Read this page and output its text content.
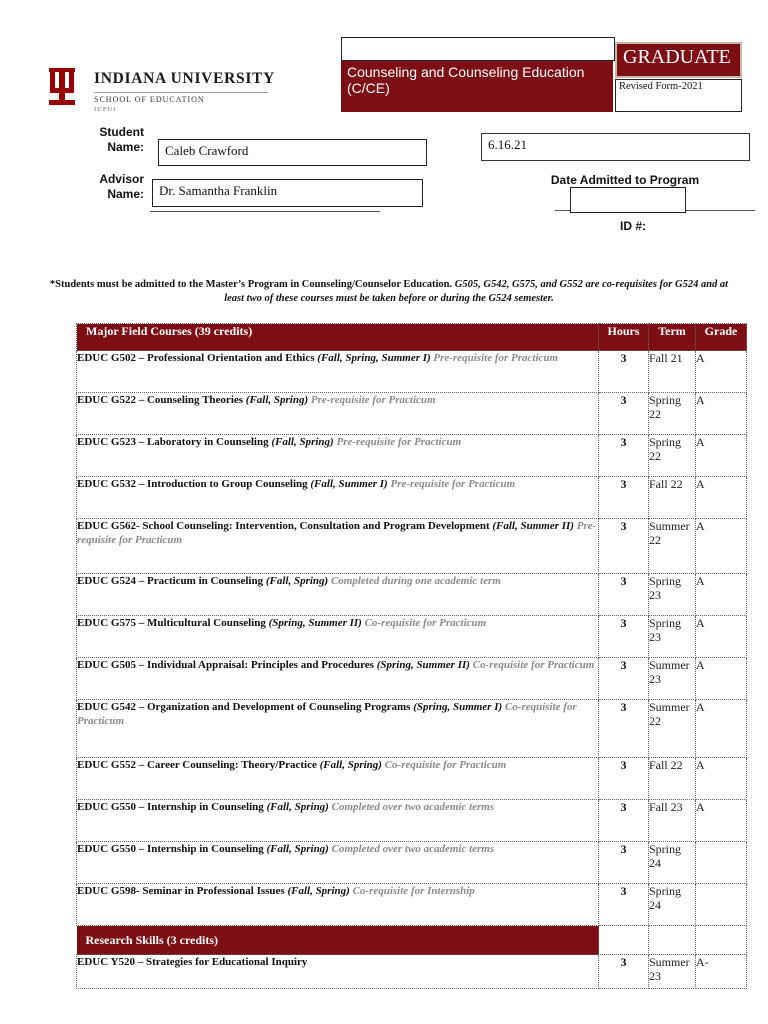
INDIANA UNIVERSITY
SCHOOL OF EDUCATION
IUPUI
Counseling and Counseling Education (C/CE)
GRADUATE
Revised Form-2021
Student Name:	Caleb Crawford	6.16.21
Advisor Name:	Dr. Samantha Franklin
Date Admitted to Program
ID #:
*Students must be admitted to the Master’s Program in Counseling/Counselor Education. G505, G542, G575, and G552 are co-requisites for G524 and at least two of these courses must be taken before or during the G524 semester.
Major Field Courses (39 credits)	Hours	Term	Grade
EDUC G502 – Professional Orientation and Ethics (Fall, Spring, Summer I) Pre-requisite for Practicum	3	Fall 21	A
EDUC G522 – Counseling Theories (Fall, Spring) Pre-requisite for Practicum	3	Spring 22	A
EDUC G523 – Laboratory in Counseling (Fall, Spring) Pre-requisite for Practicum	3	Spring 22	A
EDUC G532 – Introduction to Group Counseling (Fall, Summer I) Pre-requisite for Practicum	3	Fall 22	A
EDUC G562- School Counseling: Intervention, Consultation and Program Development (Fall, Summer II) Pre-requisite for Practicum	3	Summer 22	A
EDUC G524 – Practicum in Counseling (Fall, Spring) Completed during one academic term	3	Spring 23	A
EDUC G575 – Multicultural Counseling (Spring, Summer II) Co-requisite for Practicum	3	Spring 23	A
EDUC G505 – Individual Appraisal: Principles and Procedures (Spring, Summer II) Co-requisite for Practicum	3	Summer 23	A
EDUC G542 – Organization and Development of Counseling Programs (Spring, Summer I) Co-requisite for Practicum	3	Summer 22	A
EDUC G552 – Career Counseling: Theory/Practice (Fall, Spring) Co-requisite for Practicum	3	Fall 22	A
EDUC G550 – Internship in Counseling (Fall, Spring) Completed over two academic terms	3	Fall 23	A
EDUC G550 – Internship in Counseling (Fall, Spring) Completed over two academic terms	3	Spring 24	
EDUC G598- Seminar in Professional Issues (Fall, Spring) Co-requisite for Internship	3	Spring 24	
Research Skills (3 credits)			
EDUC Y520 – Strategies for Educational Inquiry	3	Summer 23	A-
